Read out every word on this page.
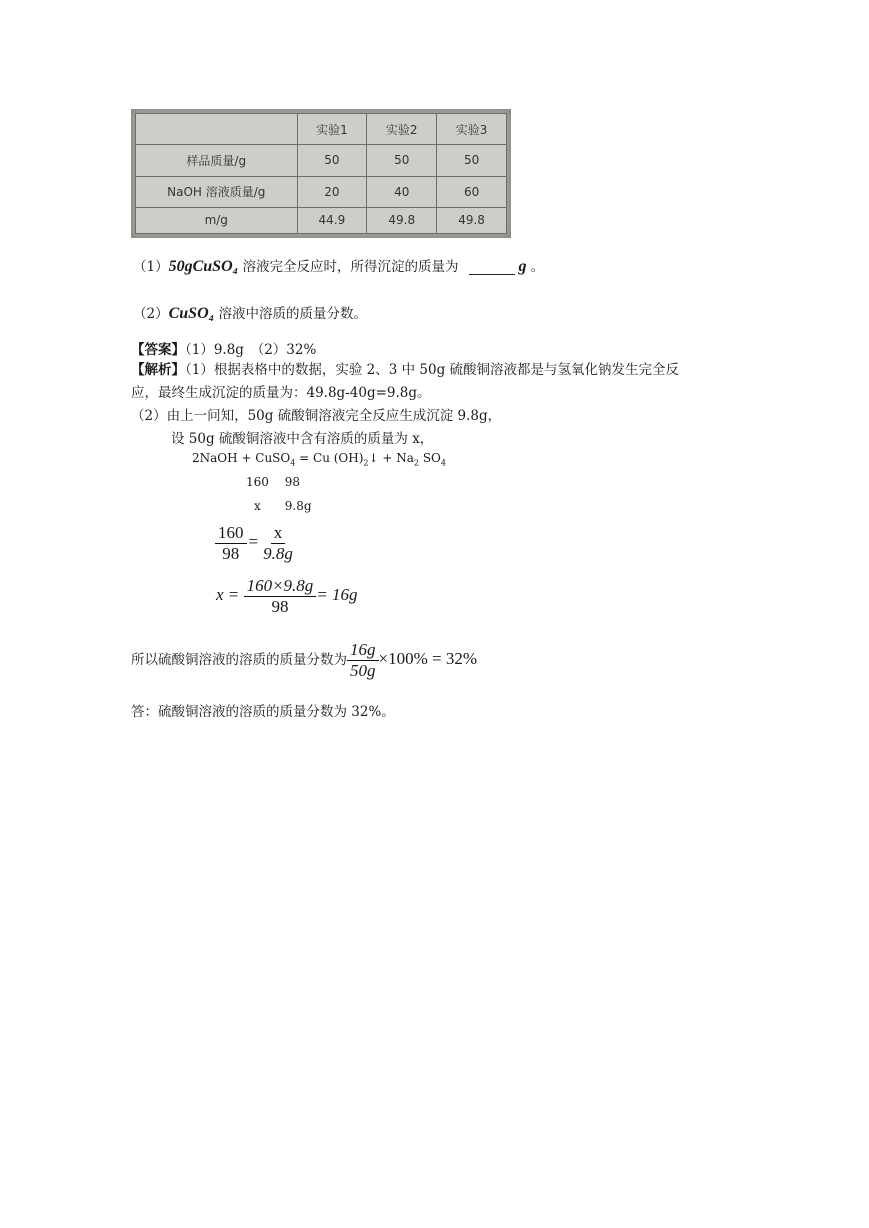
	实验1	实验2	实验3
样品质量/g	50	50	50
NaOH 溶液质量/g	20	40	60
m/g	44.9	49.8	49.8
（1）50gCuSO₄ 溶液完全反应时，所得沉淀的质量为	g 。
（2）CuSO₄ 溶液中溶质的质量分数。
【答案】（1）9.8g　（2）32%
【解析】（1）根据表格中的数据，实验 2、3 中 50g 硫酸铜溶液都是与氢氧化钠发生完全反
应，最终生成沉淀的质量为：49.8g-40g=9.8g。
（2）由上一问知，50g 硫酸铜溶液完全反应生成沉淀 9.8g，
设 50g 硫酸铜溶液中含有溶质的质量为 x，
2NaOH + CuSO$_4$ = Cu $(OH)_2↓ + Na_2$ $SO_4$
160　 98
x　　9.8g
$\frac{160}{98} = \frac{x}{9.8g}$
$x = \frac{160\times 9.8g}{98} = 16g$
所以硫酸铜溶液的溶质的质量分数为 $\frac{16g}{50g} \times 100\% = 32\%$
答：硫酸铜溶液的溶质的质量分数为 32%。
